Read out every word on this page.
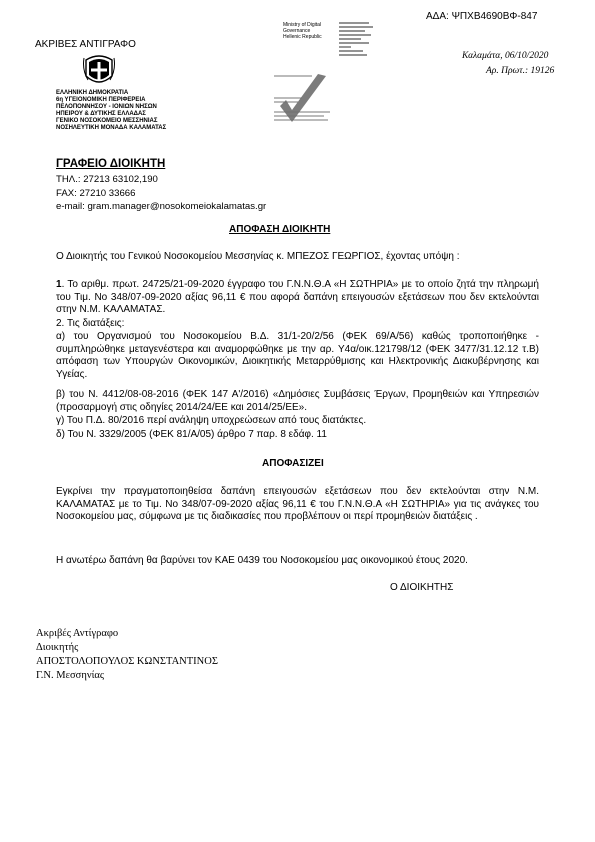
ΑΔΑ: ΨΠΧΒ4690ΒΦ-847
ΑΚΡΙΒΕΣ ΑΝΤΙΓΡΑΦΟ
ΕΛΛΗΝΙΚΗ ΔΗΜΟΚΡΑΤΙΑ
6η ΥΓΕΙΟΝΟΜΙΚΗ ΠΕΡΙΦΕΡΕΙΑ
ΠΕΛΟΠΟΝΝΗΣΟΥ - ΙΟΝΙΩΝ ΝΗΣΩΝ
ΗΠΕΙΡΟΥ & ΔΥΤΙΚΗΣ ΕΛΛΑΔΑΣ
ΓΕΝΙΚΟ ΝΟΣΟΚΟΜΕΙΟ ΜΕΣΣΗΝΙΑΣ
ΝΟΣΗΛΕΥΤΙΚΗ ΜΟΝΑΔΑ ΚΑΛΑΜΑΤΑΣ
Ministry of Digital
Governance
Hellenic Republic
Καλαμάτα, 06/10/2020
Αρ. Πρωτ.: 19126
ΓΡΑΦΕΙΟ ΔΙΟΙΚΗΤΗ
ΤΗΛ.: 27213 63102,190
FAX: 27210 33666
e-mail: gram.manager@nosokomeiokalamatas.gr
ΑΠΟΦΑΣΗ ΔΙΟΙΚΗΤΗ
Ο Διοικητής του Γενικού Νοσοκομείου Μεσσηνίας κ. ΜΠΕΖΟΣ ΓΕΩΡΓΙΟΣ, έχοντας υπόψη :
1. Το αριθμ. πρωτ. 24725/21-09-2020 έγγραφο του Γ.Ν.Ν.Θ.Α «Η ΣΩΤΗΡΙΑ» με το οποίο ζητά την πληρωμή του Τιμ. Νο 348/07-09-2020 αξίας 96,11 € που αφορά δαπάνη επειγουσών εξετάσεων που δεν εκτελούνται στην Ν.Μ. ΚΑΛΑΜΑΤΑΣ.
2. Τις διατάξεις:
α) του Οργανισμού του Νοσοκομείου Β.Δ. 31/1-20/2/56 (ΦΕΚ 69/Α/56) καθώς τροποποιήθηκε - συμπληρώθηκε μεταγενέστερα και αναμορφώθηκε με την αρ. Υ4α/οικ.121798/12 (ΦΕΚ 3477/31.12.12 τ.Β) απόφαση των Υπουργών Οικονομικών, Διοικητικής Μεταρρύθμισης και Ηλεκτρονικής Διακυβέρνησης και Υγείας.
β) του Ν. 4412/08-08-2016 (ΦΕΚ 147 Α'/2016) «Δημόσιες Συμβάσεις Έργων, Προμηθειών και Υπηρεσιών (προσαρμογή στις οδηγίες 2014/24/ΕΕ και 2014/25/ΕΕ».
γ) Του Π.Δ. 80/2016 περί ανάληψη υποχρεώσεων από τους διατάκτες.
δ) Του Ν. 3329/2005 (ΦΕΚ 81/Α/05) άρθρο 7 παρ. 8 εδάφ. 11
ΑΠΟΦΑΣΙΖΕΙ
Εγκρίνει την πραγματοποιηθείσα δαπάνη επειγουσών εξετάσεων που δεν εκτελούνται στην Ν.Μ. ΚΑΛΑΜΑΤΑΣ με το Τιμ. Νο 348/07-09-2020 αξίας 96,11 € του Γ.Ν.Ν.Θ.Α «Η ΣΩΤΗΡΙΑ» για τις ανάγκες του Νοσοκομείου μας, σύμφωνα με τις διαδικασίες που προβλέπουν οι περί προμηθειών διατάξεις .
Η ανωτέρω δαπάνη θα βαρύνει τον ΚΑΕ 0439 του Νοσοκομείου μας οικονομικού έτους 2020.
Ο ΔΙΟΙΚΗΤΗΣ
Ακριβές Αντίγραφο
Διοικητής
ΑΠΟΣΤΟΛΟΠΟΥΛΟΣ ΚΩΝΣΤΑΝΤΙΝΟΣ
Γ.Ν. Μεσσηνίας
